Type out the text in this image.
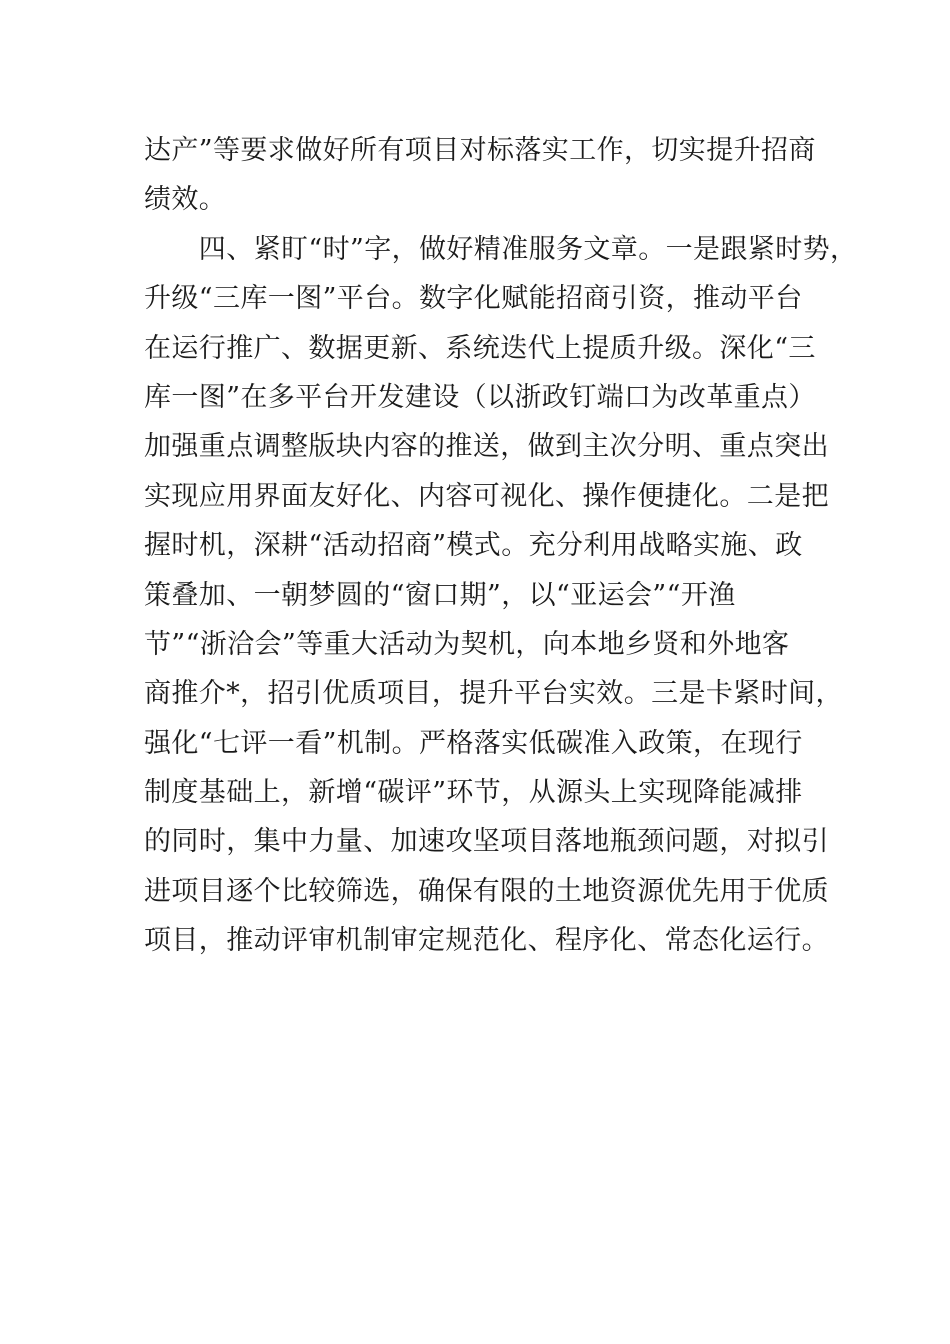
达产”等要求做好所有项目对标落实工作，切实提升招商
绩效。
　　四、紧盯“时”字，做好精准服务文章。一是跟紧时势，
升级“三库一图”平台。数字化赋能招商引资，推动平台
在运行推广、数据更新、系统迭代上提质升级。深化“三
库一图”在多平台开发建设（以浙政钉端口为改革重点）
加强重点调整版块内容的推送，做到主次分明、重点突出
实现应用界面友好化、内容可视化、操作便捷化。二是把
握时机，深耕“活动招商”模式。充分利用战略实施、政
策叠加、一朝梦圆的“窗口期”，以“亚运会”“开渔
节”“浙洽会”等重大活动为契机，向本地乡贤和外地客
商推介*，招引优质项目，提升平台实效。三是卡紧时间，
强化“七评一看”机制。严格落实低碳准入政策，在现行
制度基础上，新增“碳评”环节，从源头上实现降能减排
的同时，集中力量、加速攻坚项目落地瓶颈问题，对拟引
进项目逐个比较筛选，确保有限的土地资源优先用于优质
项目，推动评审机制审定规范化、程序化、常态化运行。
